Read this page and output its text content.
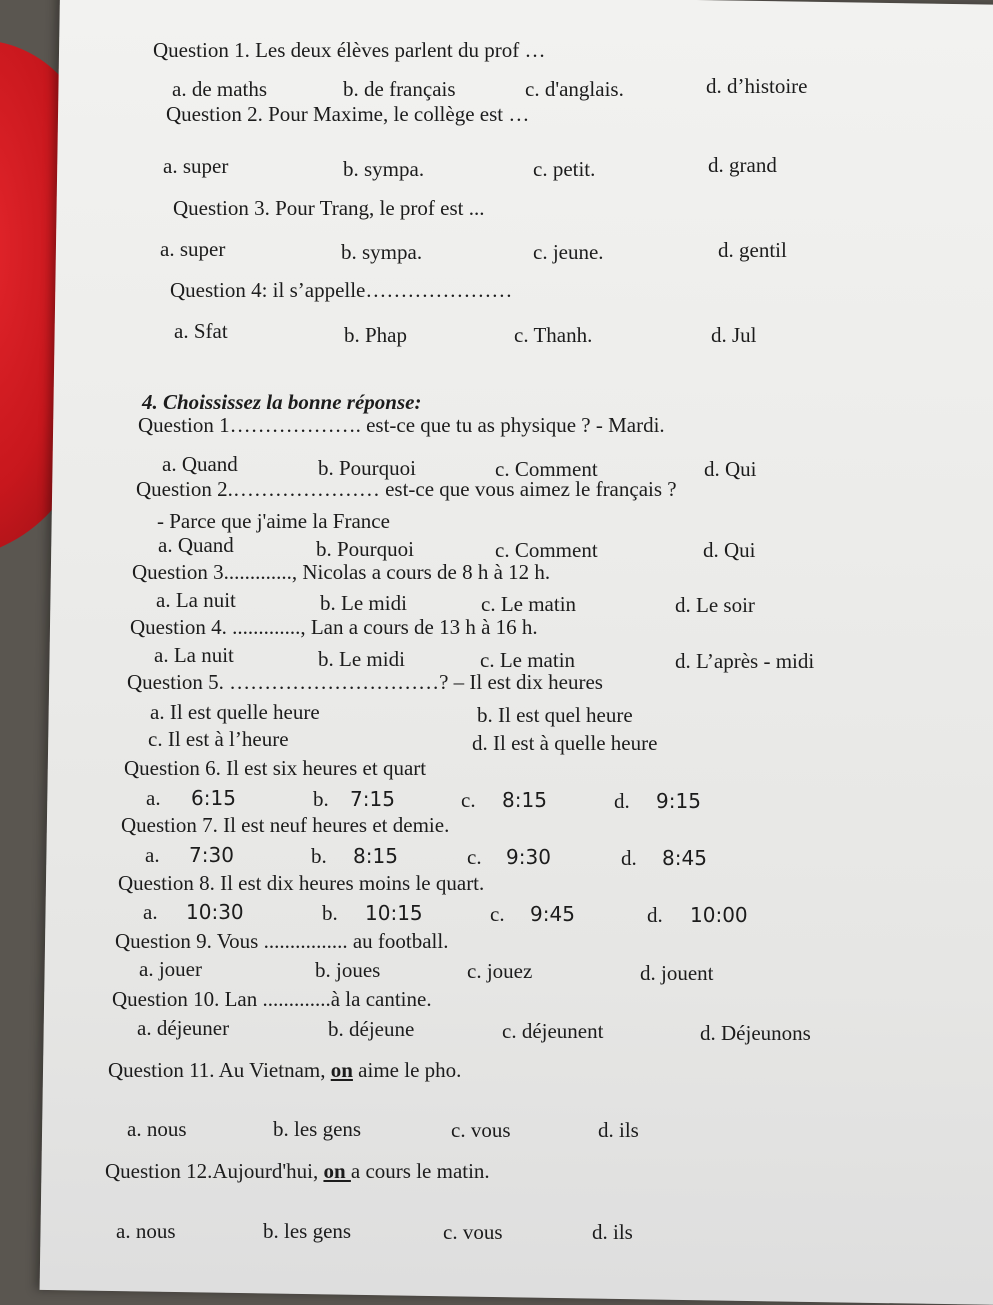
Question 1. Les deux élèves parlent du prof …
a. de maths	b. de français	c. d'anglais.	d. d’histoire
Question 2. Pour Maxime, le collège est …
a. super	b. sympa.	c. petit.	d. grand
Question 3. Pour Trang, le prof est ...
a. super	b. sympa.	c. jeune.	d. gentil
Question 4: il s’appelle…………………
a. Sfat	b. Phap	c. Thanh.	d. Jul
4. Choississez la bonne réponse:
Question 1………………. est-ce que tu as physique ? - Mardi.
a. Quand	b. Pourquoi	c. Comment	d. Qui
Question 2.………………… est-ce que vous aimez le français ?
- Parce que j'aime la France
a. Quand	b. Pourquoi	c. Comment	d. Qui
Question 3............., Nicolas a cours de 8 h à 12 h.
a. La nuit	b. Le midi	c. Le matin	d. Le soir
Question 4. ............., Lan a cours de 13 h à 16 h.
a. La nuit	b. Le midi	c. Le matin	d. L’après - midi
Question 5. …………………………? – Il est dix heures
a. Il est quelle heure	b. Il est quel heure
c. Il est à l’heure	d. Il est à quelle heure
Question 6. Il est six heures et quart
a. 6:15	b. 7:15	c. 8:15	d. 9:15
Question 7. Il est neuf heures et demie.
a. 7:30	b. 8:15	c. 9:30	d. 8:45
Question 8. Il est dix heures moins le quart.
a. 10:30	b. 10:15	c. 9:45	d. 10:00
Question 9. Vous ................ au football.
a. jouer	b. joues	c. jouez	d. jouent
Question 10. Lan .............à la cantine.
a. déjeuner	b. déjeune	c. déjeunent	d. Déjeunons
Question 11. Au Vietnam, on aime le pho.
a. nous	b. les gens	c. vous	d. ils
Question 12.Aujourd'hui, on a cours le matin.
a. nous	b. les gens	c. vous	d. ils
